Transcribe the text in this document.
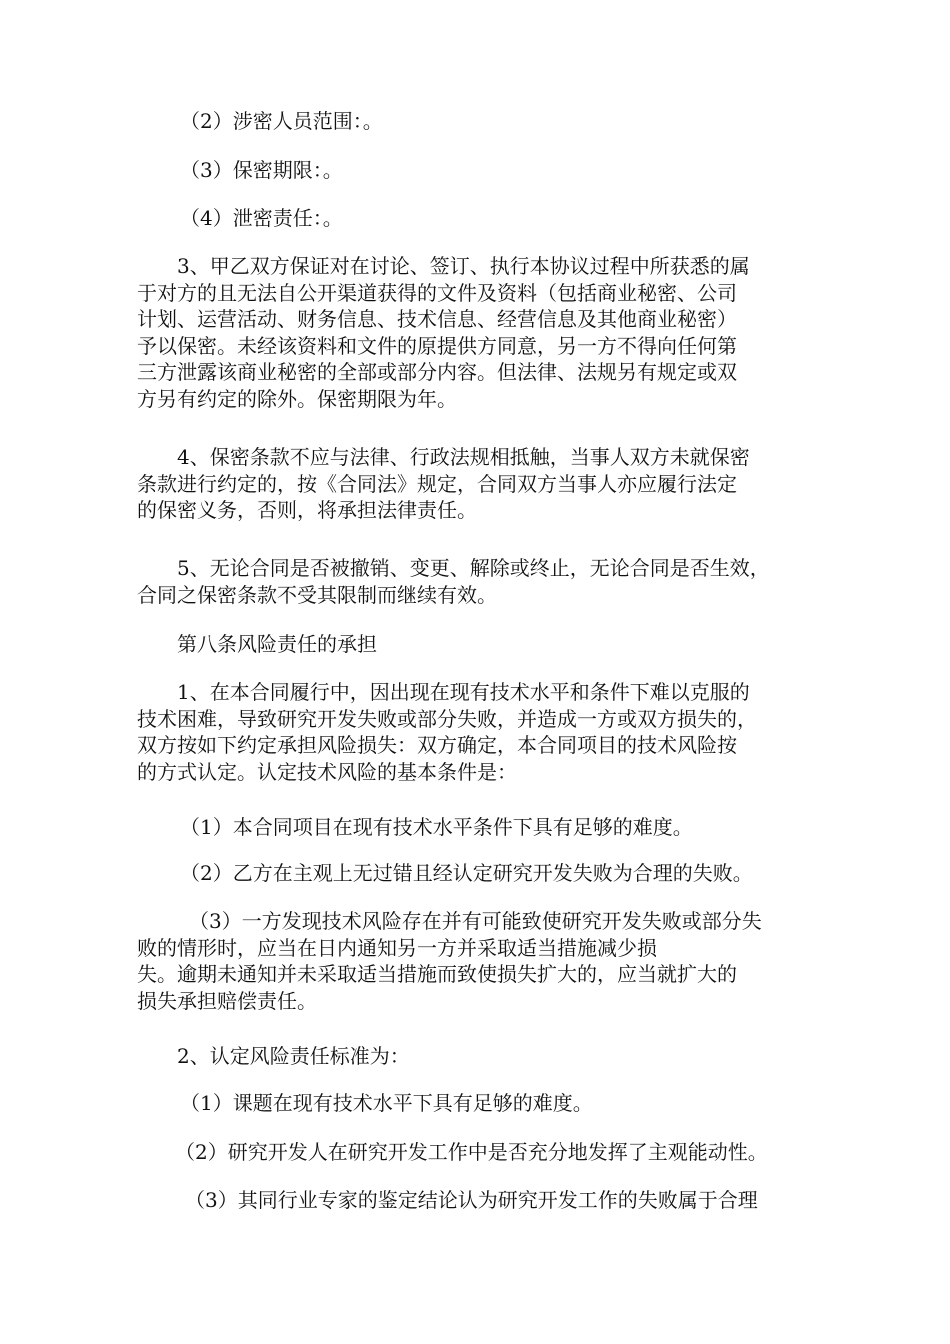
（2）涉密人员范围：。

（3）保密期限：。

（4）泄密责任：。

3、甲乙双方保证对在讨论、签订、执行本协议过程中所获悉的属
于对方的且无法自公开渠道获得的文件及资料（包括商业秘密、公司
计划、运营活动、财务信息、技术信息、经营信息及其他商业秘密）
予以保密。未经该资料和文件的原提供方同意，另一方不得向任何第
三方泄露该商业秘密的全部或部分内容。但法律、法规另有规定或双
方另有约定的除外。保密期限为年。

4、保密条款不应与法律、行政法规相抵触，当事人双方未就保密
条款进行约定的，按《合同法》规定，合同双方当事人亦应履行法定
的保密义务，否则，将承担法律责任。

5、无论合同是否被撤销、变更、解除或终止，无论合同是否生效，
合同之保密条款不受其限制而继续有效。

第八条风险责任的承担

1、在本合同履行中，因出现在现有技术水平和条件下难以克服的
技术困难，导致研究开发失败或部分失败，并造成一方或双方损失的，
双方按如下约定承担风险损失：双方确定，本合同项目的技术风险按
的方式认定。认定技术风险的基本条件是：

（1）本合同项目在现有技术水平条件下具有足够的难度。

（2）乙方在主观上无过错且经认定研究开发失败为合理的失败。

（3）一方发现技术风险存在并有可能致使研究开发失败或部分失
败的情形时，应当在日内通知另一方并采取适当措施减少损
失。逾期未通知并未采取适当措施而致使损失扩大的，应当就扩大的
损失承担赔偿责任。

2、认定风险责任标准为：

（1）课题在现有技术水平下具有足够的难度。

（2）研究开发人在研究开发工作中是否充分地发挥了主观能动性。

（3）其同行业专家的鉴定结论认为研究开发工作的失败属于合理
